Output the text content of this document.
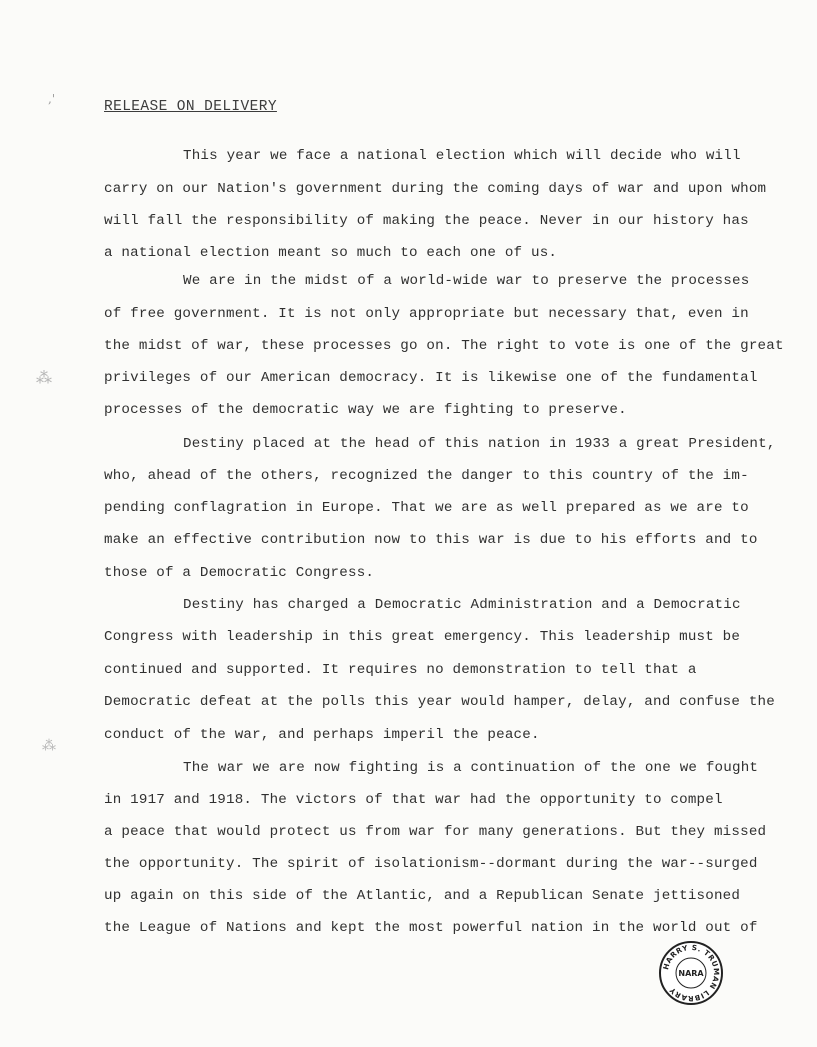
,'
⁂
⁂
RELEASE ON DELIVERY
This year we face a national election which will decide who will
carry on our Nation's government during the coming days of war and upon whom
will fall the responsibility of making the peace. Never in our history has
a national election meant so much to each one of us.
We are in the midst of a world-wide war to preserve the processes
of free government. It is not only appropriate but necessary that, even in
the midst of war, these processes go on. The right to vote is one of the great
privileges of our American democracy. It is likewise one of the fundamental
processes of the democratic way we are fighting to preserve.
Destiny placed at the head of this nation in 1933 a great President,
who, ahead of the others, recognized the danger to this country of the im-
pending conflagration in Europe. That we are as well prepared as we are to
make an effective contribution now to this war is due to his efforts and to
those of a Democratic Congress.
Destiny has charged a Democratic Administration and a Democratic
Congress with leadership in this great emergency. This leadership must be
continued and supported. It requires no demonstration to tell that a
Democratic defeat at the polls this year would hamper, delay, and confuse the
conduct of the war, and perhaps imperil the peace.
The war we are now fighting is a continuation of the one we fought
in 1917 and 1918. The victors of that war had the opportunity to compel
a peace that would protect us from war for many generations. But they missed
the opportunity. The spirit of isolationism--dormant during the war--surged
up again on this side of the Atlantic, and a Republican Senate jettisoned
the League of Nations and kept the most powerful nation in the world out of
HARRY S. TRUMAN LIBRARY
NARA
